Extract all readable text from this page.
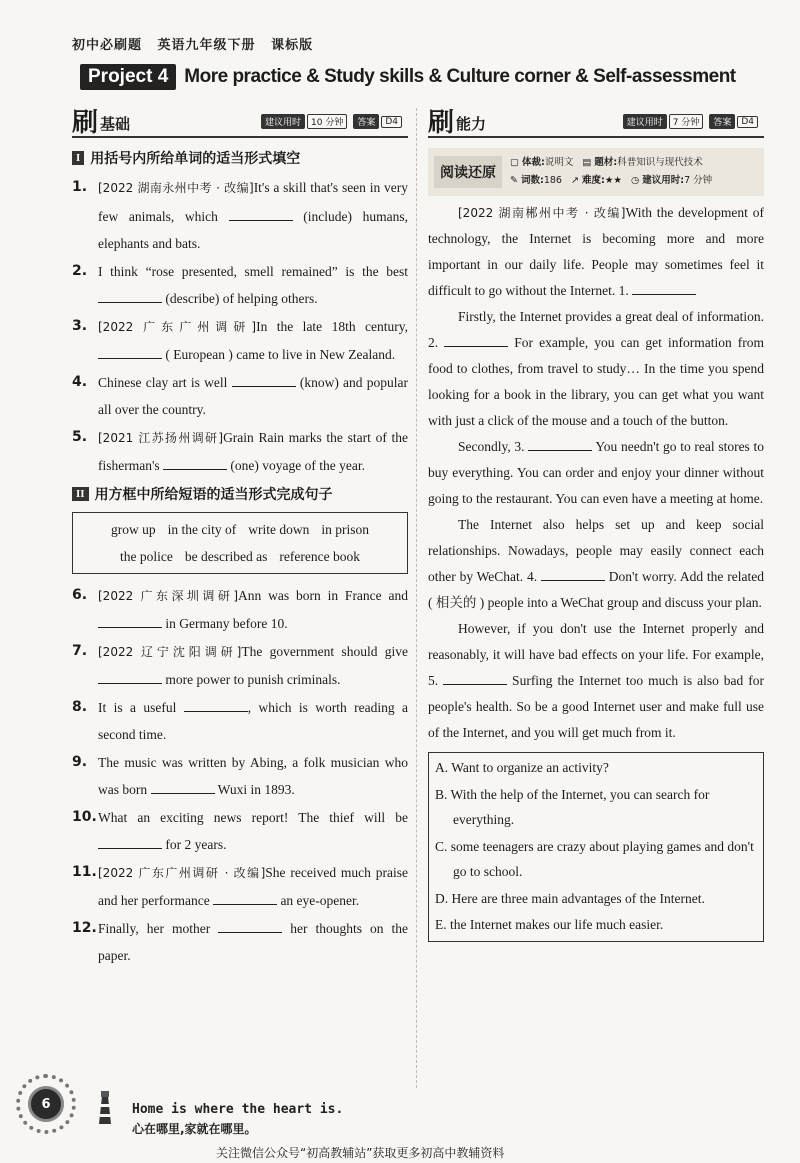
初中必刷题 英语九年级下册 课标版
Project 4 More practice & Study skills & Culture corner & Self-assessment
刷 基础	建议用时	10 分钟	答案	D4
I 用括号内所给单词的适当形式填空
1. [2022 湖南永州中考 · 改编]It's a skill that's seen in very few animals, which	(include) humans, elephants and bats.
2. I think “rose presented, smell remained” is the best  (describe) of helping others.
3. [2022 广东广州调研]In the late 18th century,  ( European ) came to live in New Zealand.
4. Chinese clay art is well	(know) and popular all over the country.
5. [2021 江苏扬州调研]Grain Rain marks the start of the fisherman's	(one) voyage of the year.
II 用方框中所给短语的适当形式完成句子
grow up in the city of write down in prison
the police be described as reference book
6. [2022 广东深圳调研]Ann was born in France and  in Germany before 10.
7. [2022 辽宁沈阳调研]The government should give  more power to punish criminals.
8. It is a useful	, which is worth reading a second time.
9. The music was written by Abing, a folk musician who was born	Wuxi in 1893.
10. What an exciting news report! The thief will be  for 2 years.
11. [2022 广东广州调研 · 改编]She received much praise and her performance	an eye-opener.
12. Finally, her mother	her thoughts on the paper.
刷 能力	建议用时	7 分钟	答案	D4
阅读还原
▢ 体裁:说明文 ▤ 题材:科普知识与现代技术
✎ 词数:186 ↗ 难度:★★ ◷ 建议用时:7 分钟
[2022 湖南郴州中考 · 改编]With the development of technology, the Internet is becoming more and more important in our daily life. People may sometimes feel it difficult to go without the Internet. 1.
Firstly, the Internet provides a great deal of information. 2.	For example, you can get information from food to clothes, from travel to study… In the time you spend looking for a book in the library, you can get what you want with just a click of the mouse and a touch of the button.
Secondly, 3.	You needn't go to real stores to buy everything. You can order and enjoy your dinner without going to the restaurant. You can even have a meeting at home.
The Internet also helps set up and keep social relationships. Nowadays, people may easily connect each other by WeChat. 4.	Don't worry. Add the related ( 相关的 ) people into a WeChat group and discuss your plan.
However, if you don't use the Internet properly and reasonably, it will have bad effects on your life. For example, 5.	Surfing the Internet too much is also bad for people's health. So be a good Internet user and make full use of the Internet, and you will get much from it.
A. Want to organize an activity?
B. With the help of the Internet, you can search for everything.
C. some teenagers are crazy about playing games and don't go to school.
D. Here are three main advantages of the Internet.
E. the Internet makes our life much easier.
6	Home is where the heart is.
心在哪里,家就在哪里。
关注微信公众号“初高教辅站”获取更多初高中教辅资料
